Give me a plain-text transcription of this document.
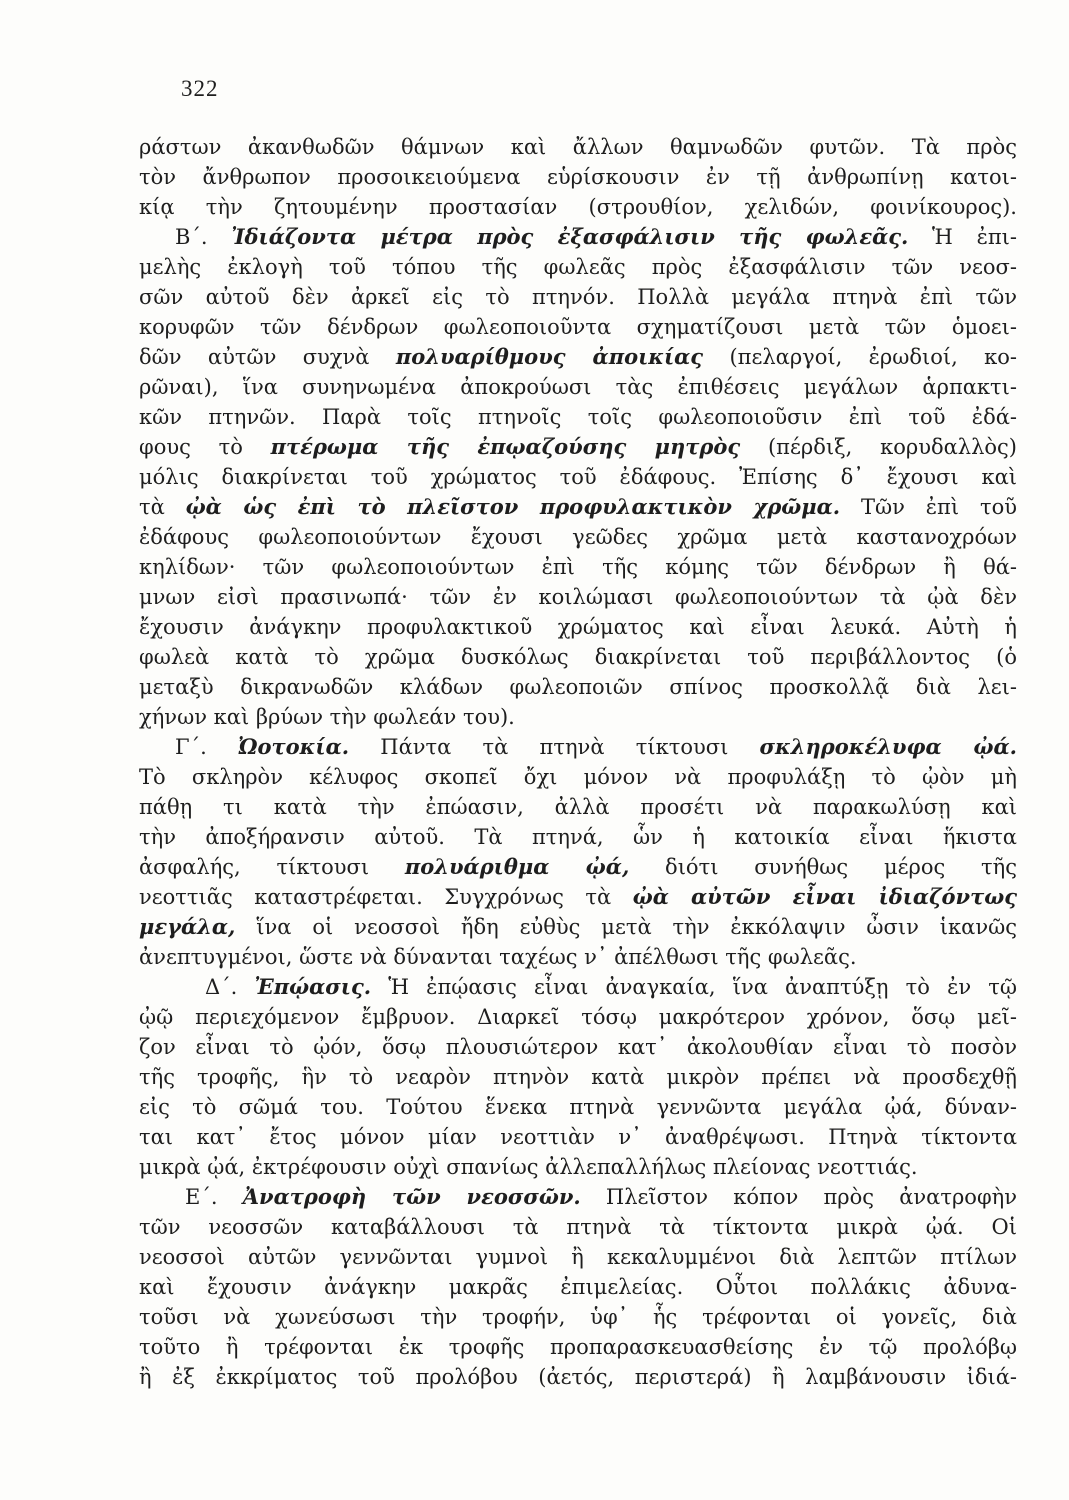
322
ράστων ἀκανθωδῶν θάμνων καὶ ἄλλων θαμνωδῶν φυτῶν. Τὰ πρὸς
τὸν ἄνθρωπον προσοικειούμενα εὑρίσκουσιν ἐν τῇ ἀνθρωπίνῃ κατοι-
κίᾳ τὴν ζητουμένην προστασίαν (στρουθίον, χελιδών, φοινίκουρος).
Β΄. Ἰδιάζοντα μέτρα πρὸς ἐξασφάλισιν τῆς φωλεᾶς. Ἡ ἐπι-
μελὴς ἐκλογὴ τοῦ τόπου τῆς φωλεᾶς πρὸς ἐξασφάλισιν τῶν νεοσ-
σῶν αὐτοῦ δὲν ἀρκεῖ εἰς τὸ πτηνόν. Πολλὰ μεγάλα πτηνὰ ἐπὶ τῶν
κορυφῶν τῶν δένδρων φωλεοποιοῦντα σχηματίζουσι μετὰ τῶν ὁμοει-
δῶν αὐτῶν συχνὰ πολυαρίθμους ἀποικίας (πελαργοί, ἐρωδιοί, κο-
ρῶναι), ἵνα συνηνωμένα ἀποκρούωσι τὰς ἐπιθέσεις μεγάλων ἁρπακτι-
κῶν πτηνῶν. Παρὰ τοῖς πτηνοῖς τοῖς φωλεοποιοῦσιν ἐπὶ τοῦ ἐδά-
φους τὸ πτέρωμα τῆς ἐπῳαζούσης μητρὸς (πέρδιξ, κορυδαλλὸς)
μόλις διακρίνεται τοῦ χρώματος τοῦ ἐδάφους. Ἐπίσης δ᾽ ἔχουσι καὶ
τὰ ᾠὰ ὡς ἐπὶ τὸ πλεῖστον προφυλακτικὸν χρῶμα. Τῶν ἐπὶ τοῦ
ἐδάφους φωλεοποιούντων ἔχουσι γεῶδες χρῶμα μετὰ καστανοχρόων
κηλίδων· τῶν φωλεοποιούντων ἐπὶ τῆς κόμης τῶν δένδρων ἢ θά-
μνων εἰσὶ πρασινωπά· τῶν ἐν κοιλώμασι φωλεοποιούντων τὰ ᾠὰ δὲν
ἔχουσιν ἀνάγκην προφυλακτικοῦ χρώματος καὶ εἶναι λευκά. Αὐτὴ ἡ
φωλεὰ κατὰ τὸ χρῶμα δυσκόλως διακρίνεται τοῦ περιβάλλοντος (ὁ
μεταξὺ δικρανωδῶν κλάδων φωλεοποιῶν σπίνος προσκολλᾷ διὰ λει-
χήνων καὶ βρύων τὴν φωλεάν του).
Γ΄. Ὠοτοκία. Πάντα τὰ πτηνὰ τίκτουσι σκληροκέλυφα ᾠά.
Τὸ σκληρὸν κέλυφος σκοπεῖ ὄχι μόνον νὰ προφυλάξῃ τὸ ᾠὸν μὴ
πάθῃ τι κατὰ τὴν ἐπώασιν, ἀλλὰ προσέτι νὰ παρακωλύσῃ καὶ
τὴν ἀποξήρανσιν αὐτοῦ. Τὰ πτηνά, ὧν ἡ κατοικία εἶναι ἥκιστα
ἀσφαλής, τίκτουσι πολυάριθμα ᾠά, διότι συνήθως μέρος τῆς
νεοττιᾶς καταστρέφεται. Συγχρόνως τὰ ᾠὰ αὐτῶν εἶναι ἰδιαζόντως
μεγάλα, ἵνα οἱ νεοσσοὶ ἤδη εὐθὺς μετὰ τὴν ἐκκόλαψιν ὦσιν ἱκανῶς
ἀνεπτυγμένοι, ὥστε νὰ δύνανται ταχέως ν᾽ ἀπέλθωσι τῆς φωλεᾶς.
Δ΄. Ἐπῴασις. Ἡ ἐπῴασις εἶναι ἀναγκαία, ἵνα ἀναπτύξῃ τὸ ἐν τῷ
ᾠῷ περιεχόμενον ἔμβρυον. Διαρκεῖ τόσῳ μακρότερον χρόνον, ὅσῳ μεῖ-
ζον εἶναι τὸ ᾠόν, ὅσῳ πλουσιώτερον κατ᾽ ἀκολουθίαν εἶναι τὸ ποσὸν
τῆς τροφῆς, ἣν τὸ νεαρὸν πτηνὸν κατὰ μικρὸν πρέπει νὰ προσδεχθῇ
εἰς τὸ σῶμά του. Τούτου ἕνεκα πτηνὰ γεννῶντα μεγάλα ᾠά, δύναν-
ται κατ᾽ ἔτος μόνον μίαν νεοττιὰν ν᾽ ἀναθρέψωσι. Πτηνὰ τίκτοντα
μικρὰ ᾠά, ἐκτρέφουσιν οὐχὶ σπανίως ἀλλεπαλλήλως πλείονας νεοττιάς.
Ε΄. Ἀνατροφὴ τῶν νεοσσῶν. Πλεῖστον κόπον πρὸς ἀνατροφὴν
τῶν νεοσσῶν καταβάλλουσι τὰ πτηνὰ τὰ τίκτοντα μικρὰ ᾠά. Οἱ
νεοσσοὶ αὐτῶν γεννῶνται γυμνοὶ ἢ κεκαλυμμένοι διὰ λεπτῶν πτίλων
καὶ ἔχουσιν ἀνάγκην μακρᾶς ἐπιμελείας. Οὗτοι πολλάκις ἀδυνα-
τοῦσι νὰ χωνεύσωσι τὴν τροφήν, ὑφ᾽ ἧς τρέφονται οἱ γονεῖς, διὰ
τοῦτο ἢ τρέφονται ἐκ τροφῆς προπαρασκευασθείσης ἐν τῷ προλόβῳ
ἢ ἐξ ἐκκρίματος τοῦ προλόβου (ἀετός, περιστερά) ἢ λαμβάνουσιν ἰδιά-
